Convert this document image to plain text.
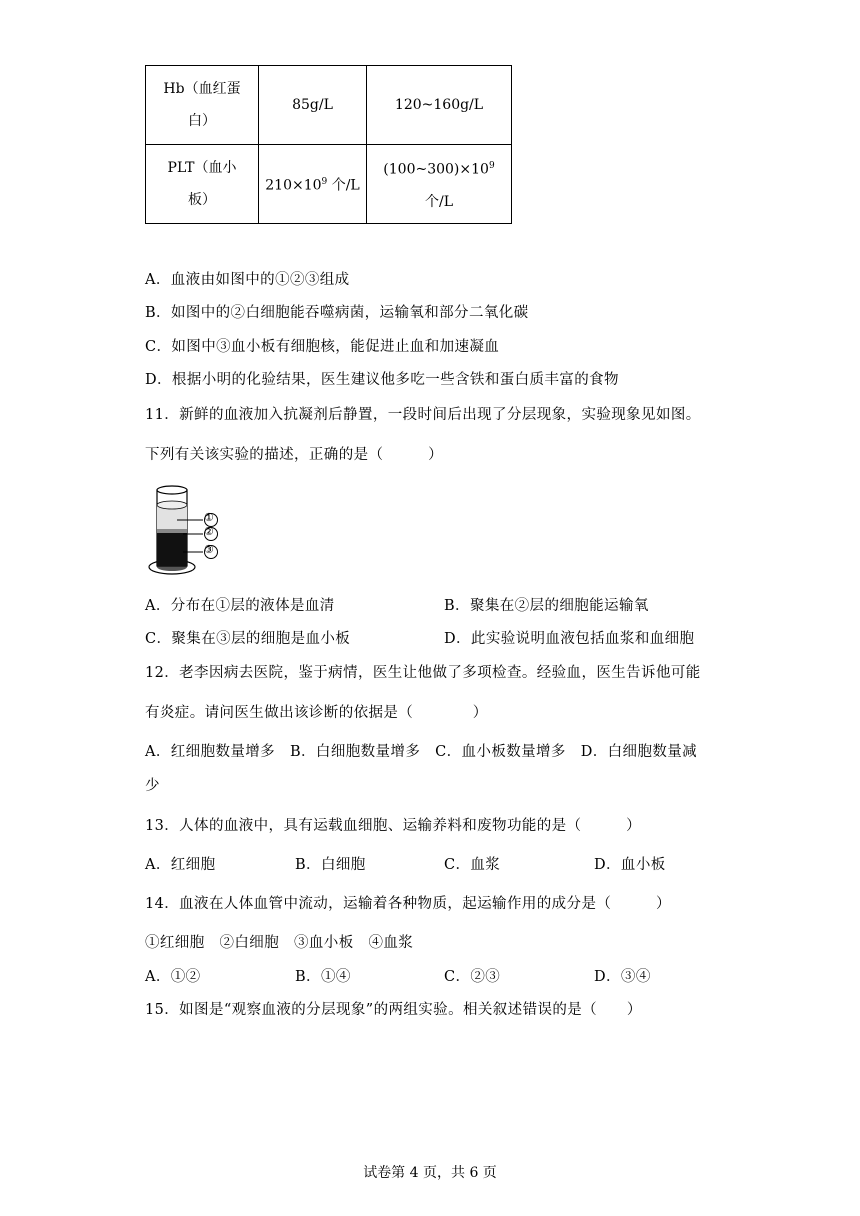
Hb（血红蛋
白）	85g/L	120~160g/L
PLT（血小
板）	$210\times 10^9$ 个/L	$(100\sim 300)\times 10^9$ 个/L
A．血液由如图中的①②③组成
B．如图中的②白细胞能吞噬病菌，运输氧和部分二氧化碳
C．如图中③血小板有细胞核，能促进止血和加速凝血
D．根据小明的化验结果，医生建议他多吃一些含铁和蛋白质丰富的食物
11．新鲜的血液加入抗凝剂后静置，一段时间后出现了分层现象，实验现象见如图。
下列有关该实验的描述，正确的是（　　　）
①
②
③
A．分布在①层的液体是血清	B．聚集在②层的细胞能运输氧
C．聚集在③层的细胞是血小板	D．此实验说明血液包括血浆和血细胞
12．老李因病去医院，鉴于病情，医生让他做了多项检查。经验血，医生告诉他可能
有炎症。请问医生做出该诊断的依据是（　　　　）
A．红细胞数量增多　B．白细胞数量增多　C．血小板数量增多　D．白细胞数量减
少
13．人体的血液中，具有运载血细胞、运输养料和废物功能的是（　　　）
A．红细胞	B．白细胞	C．血浆	D．血小板
14．血液在人体血管中流动，运输着各种物质，起运输作用的成分是（　　　）
①红细胞　②白细胞　③血小板　④血浆
A．①②	B．①④	C．②③	D．③④
15．如图是“观察血液的分层现象”的两组实验。相关叙述错误的是（　　）
试卷第 4 页，共 6 页
